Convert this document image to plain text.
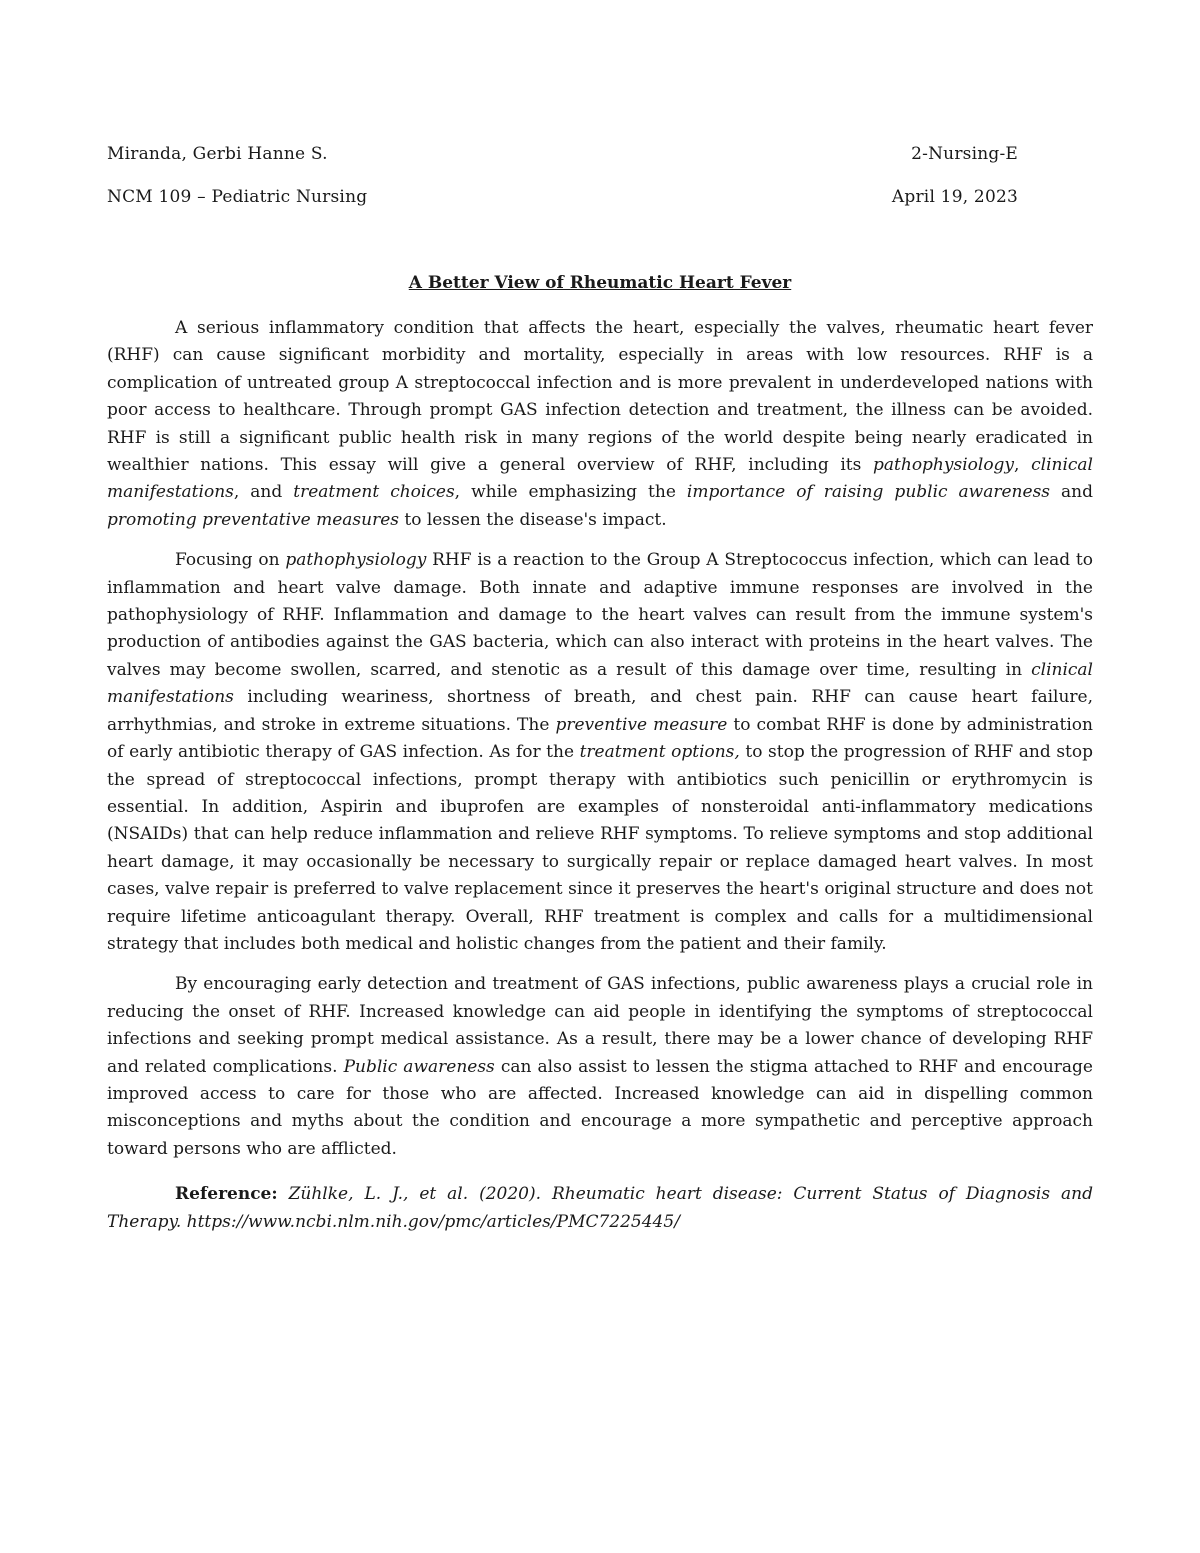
Miranda, Gerbi Hanne S.	2-Nursing-E
NCM 109 – Pediatric Nursing	April 19, 2023
A Better View of Rheumatic Heart Fever

A serious inflammatory condition that affects the heart, especially the valves, rheumatic heart fever (RHF) can cause significant morbidity and mortality, especially in areas with low resources. RHF is a complication of untreated group A streptococcal infection and is more prevalent in underdeveloped nations with poor access to healthcare. Through prompt GAS infection detection and treatment, the illness can be avoided. RHF is still a significant public health risk in many regions of the world despite being nearly eradicated in wealthier nations. This essay will give a general overview of RHF, including its pathophysiology, clinical manifestations, and treatment choices, while emphasizing the importance of raising public awareness and promoting preventative measures to lessen the disease's impact.

Focusing on pathophysiology RHF is a reaction to the Group A Streptococcus infection, which can lead to inflammation and heart valve damage. Both innate and adaptive immune responses are involved in the pathophysiology of RHF. Inflammation and damage to the heart valves can result from the immune system's production of antibodies against the GAS bacteria, which can also interact with proteins in the heart valves. The valves may become swollen, scarred, and stenotic as a result of this damage over time, resulting in clinical manifestations including weariness, shortness of breath, and chest pain. RHF can cause heart failure, arrhythmias, and stroke in extreme situations. The preventive measure to combat RHF is done by administration of early antibiotic therapy of GAS infection. As for the treatment options, to stop the progression of RHF and stop the spread of streptococcal infections, prompt therapy with antibiotics such penicillin or erythromycin is essential. In addition, Aspirin and ibuprofen are examples of nonsteroidal anti-inflammatory medications (NSAIDs) that can help reduce inflammation and relieve RHF symptoms. To relieve symptoms and stop additional heart damage, it may occasionally be necessary to surgically repair or replace damaged heart valves. In most cases, valve repair is preferred to valve replacement since it preserves the heart's original structure and does not require lifetime anticoagulant therapy. Overall, RHF treatment is complex and calls for a multidimensional strategy that includes both medical and holistic changes from the patient and their family.

By encouraging early detection and treatment of GAS infections, public awareness plays a crucial role in reducing the onset of RHF. Increased knowledge can aid people in identifying the symptoms of streptococcal infections and seeking prompt medical assistance. As a result, there may be a lower chance of developing RHF and related complications. Public awareness can also assist to lessen the stigma attached to RHF and encourage improved access to care for those who are affected. Increased knowledge can aid in dispelling common misconceptions and myths about the condition and encourage a more sympathetic and perceptive approach toward persons who are afflicted.

Reference: Zühlke, L. J., et al. (2020). Rheumatic heart disease: Current Status of Diagnosis and Therapy. https://www.ncbi.nlm.nih.gov/pmc/articles/PMC7225445/
